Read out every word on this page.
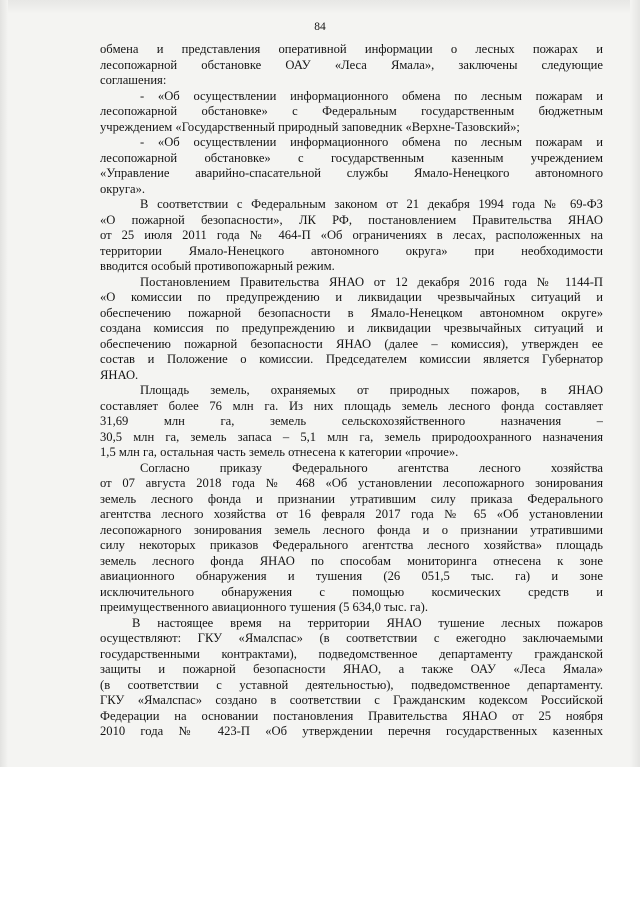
84

обмена и представления оперативной информации о лесных пожарах и
лесопожарной обстановке ОАУ «Леса Ямала», заключены следующие
соглашения:

- «Об осуществлении информационного обмена по лесным пожарам и
лесопожарной обстановке» с Федеральным государственным бюджетным
учреждением «Государственный природный заповедник «Верхне-Тазовский»;

- «Об осуществлении информационного обмена по лесным пожарам и
лесопожарной обстановке» с государственным казенным учреждением
«Управление аварийно-спасательной службы Ямало-Ненецкого автономного
округа».

В соответствии с Федеральным законом от 21 декабря 1994 года № 69-ФЗ
«О пожарной безопасности», ЛК РФ, постановлением Правительства ЯНАО
от 25 июля 2011 года № 464-П «Об ограничениях в лесах, расположенных на
территории Ямало-Ненецкого автономного округа» при необходимости
вводится особый противопожарный режим.

Постановлением Правительства ЯНАО от 12 декабря 2016 года № 1144-П
«О комиссии по предупреждению и ликвидации чрезвычайных ситуаций и
обеспечению пожарной безопасности в Ямало-Ненецком автономном округе»
создана комиссия по предупреждению и ликвидации чрезвычайных ситуаций и
обеспечению пожарной безопасности ЯНАО (далее – комиссия), утвержден ее
состав и Положение о комиссии. Председателем комиссии является Губернатор
ЯНАО.

Площадь земель, охраняемых от природных пожаров, в ЯНАО
составляет более 76 млн га. Из них площадь земель лесного фонда составляет
31,69 млн га, земель сельскохозяйственного назначения –
30,5 млн га, земель запаса – 5,1 млн га, земель природоохранного назначения
1,5 млн га, остальная часть земель отнесена к категории «прочие».

Согласно приказу Федерального агентства лесного хозяйства
от 07 августа 2018 года № 468 «Об установлении лесопожарного зонирования
земель лесного фонда и признании утратившим силу приказа Федерального
агентства лесного хозяйства от 16 февраля 2017 года № 65 «Об установлении
лесопожарного зонирования земель лесного фонда и о признании утратившими
силу некоторых приказов Федерального агентства лесного хозяйства» площадь
земель лесного фонда ЯНАО по способам мониторинга отнесена к зоне
авиационного обнаружения и тушения (26 051,5 тыс. га) и зоне
исключительного обнаружения с помощью космических средств и
преимущественного авиационного тушения (5 634,0 тыс. га).

В настоящее время на территории ЯНАО тушение лесных пожаров
осуществляют: ГКУ «Ямалспас» (в соответствии с ежегодно заключаемыми
государственными контрактами), подведомственное департаменту гражданской
защиты и пожарной безопасности ЯНАО, а также ОАУ «Леса Ямала»
(в соответствии с уставной деятельностью), подведомственное департаменту.
ГКУ «Ямалспас» создано в соответствии с Гражданским кодексом Российской
Федерации на основании постановления Правительства ЯНАО от 25 ноября
2010 года № 423-П «Об утверждении перечня государственных казенных
